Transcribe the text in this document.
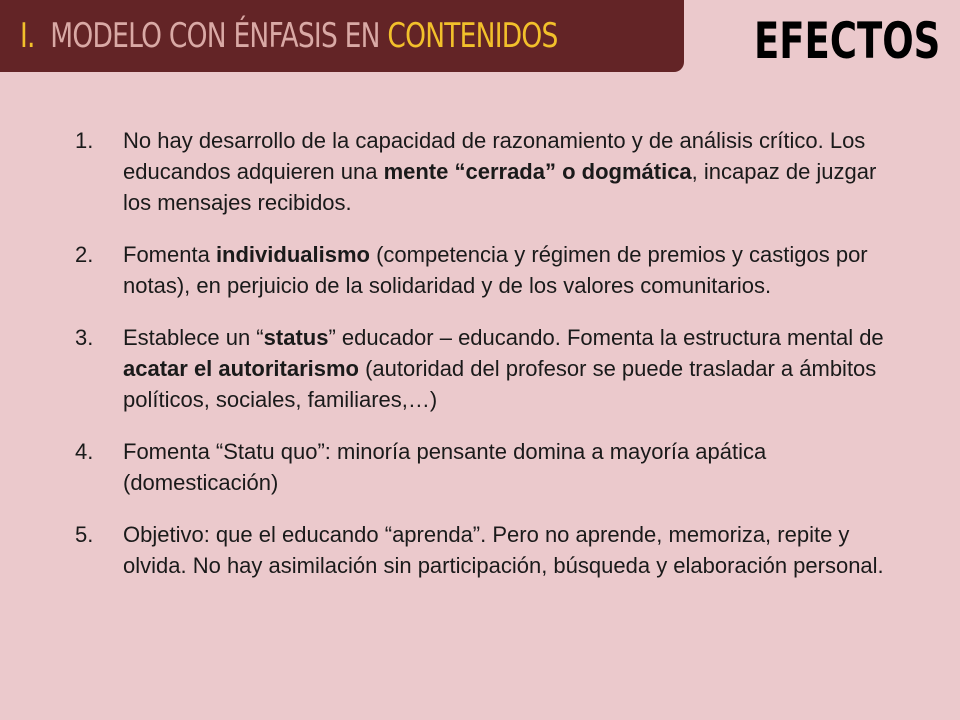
I. MODELO CON ÉNFASIS EN CONTENIDOS	EFECTOS
1. No hay desarrollo de la capacidad de razonamiento y de análisis crítico. Los educandos adquieren una mente “cerrada” o dogmática, incapaz de juzgar los mensajes recibidos.
2. Fomenta individualismo (competencia y régimen de premios y castigos por notas), en perjuicio de la solidaridad y de los valores comunitarios.
3. Establece un “status” educador – educando. Fomenta la estructura mental de acatar el autoritarismo (autoridad del profesor se puede trasladar a ámbitos políticos, sociales, familiares,…)
4. Fomenta “Statu quo”: minoría pensante domina a mayoría apática (domesticación)
5. Objetivo: que el educando “aprenda”. Pero no aprende, memoriza, repite y olvida. No hay asimilación sin participación, búsqueda y elaboración personal.
